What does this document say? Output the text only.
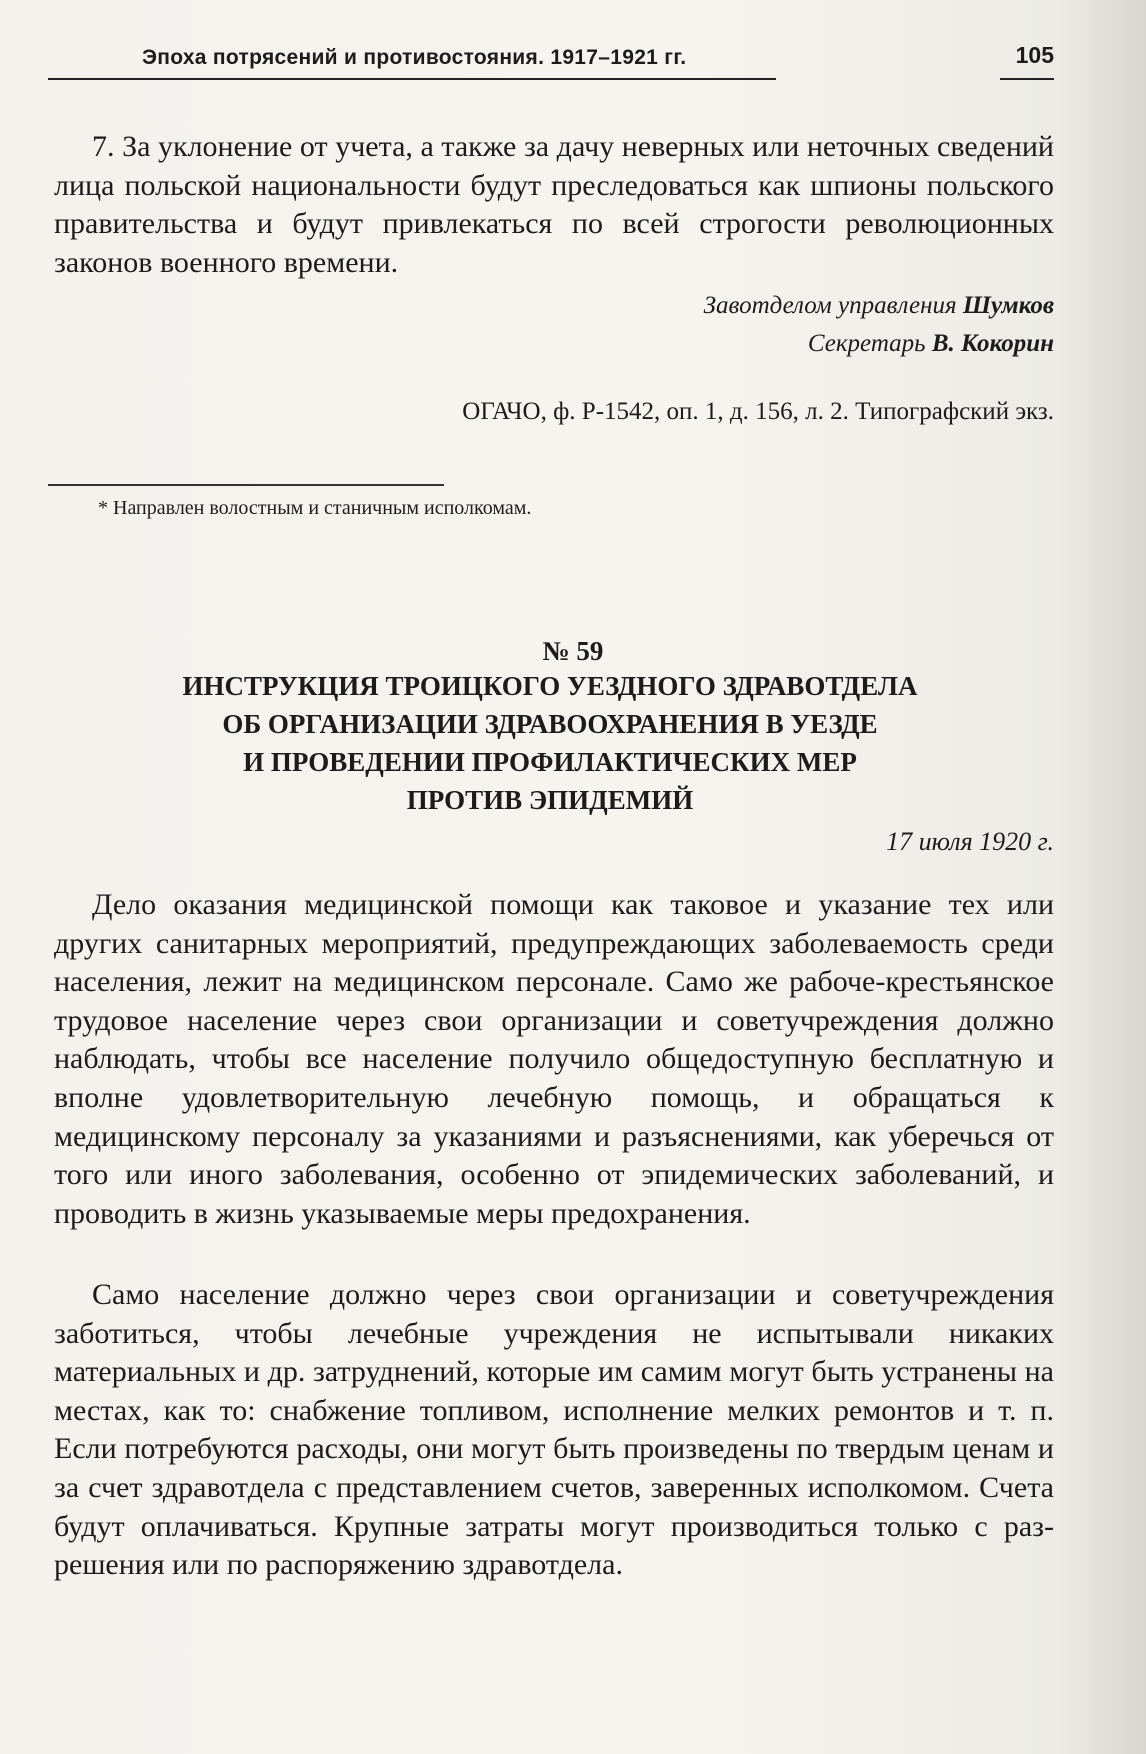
Эпоха потрясений и противостояния. 1917–1921 гг.	105

7. За уклонение от учета, а также за дачу неверных или неточных сведений лица польской национальности будут преследоваться как шпионы польского правительства и будут привлекаться по всей строгости революционных законов военного времени.

Завотделом управления Шумков
Секретарь В. Кокорин
ОГАЧО, ф. Р-1542, оп. 1, д. 156, л. 2. Типографский экз.
* Направлен волостным и станичным исполкомам.
№ 59
ИНСТРУКЦИЯ ТРОИЦКОГО УЕЗДНОГО ЗДРАВОТДЕЛА
ОБ ОРГАНИЗАЦИИ ЗДРАВООХРАНЕНИЯ В УЕЗДЕ
И ПРОВЕДЕНИИ ПРОФИЛАКТИЧЕСКИХ МЕР
ПРОТИВ ЭПИДЕМИЙ
17 июля 1920 г.

Дело оказания медицинской помощи как таковое и указание тех или других санитарных мероприятий, предупреждающих заболеваемость среди населения, лежит на медицинском персонале. Само же рабоче-крестьянское трудовое население через свои организации и советучреждения должно наблюдать, чтобы все население получило общедоступную бесплатную и вполне удовлетворительную лечебную помощь, и обращаться к медицинскому персоналу за указаниями и разъяснениями, как уберечься от того или иного заболевания, особенно от эпидемических заболеваний, и проводить в жизнь указываемые меры предохранения.

Само население должно через свои организации и советучреждения заботиться, чтобы лечебные учреждения не испытывали никаких материальных и др. затруднений, которые им самим могут быть устранены на местах, как то: снабжение топливом, исполнение мелких ремонтов и т. п. Если потребуются расходы, они могут быть произведены по твердым ценам и за счет здравотдела с представлением счетов, заверенных исполкомом. Счета будут оплачиваться. Крупные затраты могут производиться только с разрешения или по распоряжению здравотдела.
